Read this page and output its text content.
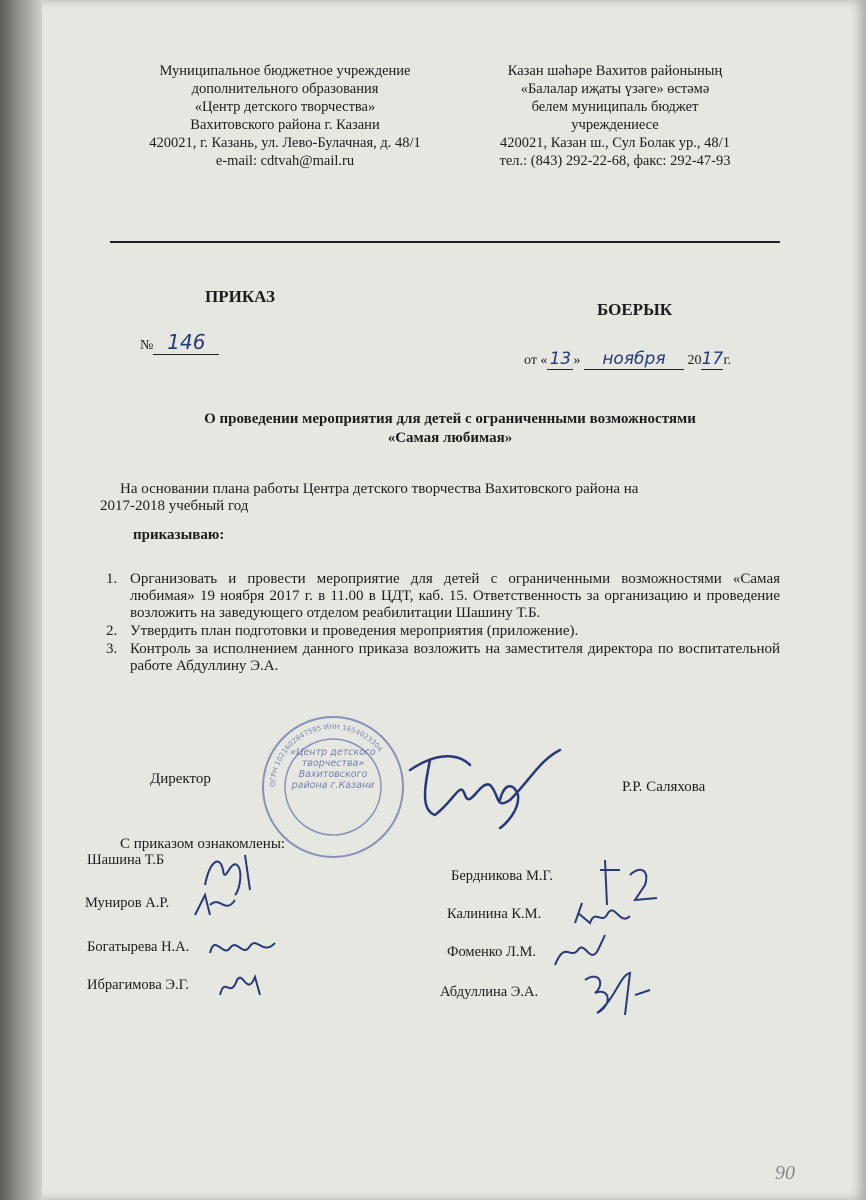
Муниципальное бюджетное учреждение
дополнительного образования
«Центр детского творчества»
Вахитовского района г. Казани
420021, г. Казань, ул. Лево-Булачная, д. 48/1
e-mail: cdtvah@mail.ru
Казан шәһәре Вахитов районының
«Балалар иҗаты үзәге» өстәмә
белем муниципаль бюджет
учреждениесе
420021, Казан ш., Сул Болак ур., 48/1
тел.: (843) 292-22-68, факс: 292-47-93
ПРИКАЗ
БОЕРЫК
№ 146
от « 13 » ноября 2017г.
О проведении мероприятия для детей с ограниченными возможностями
«Самая любимая»
На основании плана работы Центра детского творчества Вахитовского района на
2017-2018 учебный год
приказываю:
1. Организовать и провести мероприятие для детей с ограниченными возможностями «Самая любимая» 19 ноября 2017 г. в 11.00 в ЦДТ, каб. 15. Ответственность за организацию и проведение возложить на заведующего отделом реабилитации Шашину Т.Б.
2. Утвердить план подготовки и проведения мероприятия (приложение).
3. Контроль за исполнением данного приказа возложить на заместителя директора по воспитательной работе Абдуллину Э.А.
ОГРН 1021602847595 ИНН 1654023304
«Центр детского творчества» Вахитовского района г.Казани
Директор	Р.Р. Саляхова
С приказом ознакомлены:
Шашина Т.Б
Муниров А.Р.
Богатырева Н.А.
Ибрагимова Э.Г.
Бердникова М.Г.
Калинина К.М.
Фоменко Л.М.
Абдуллина Э.А.
90
